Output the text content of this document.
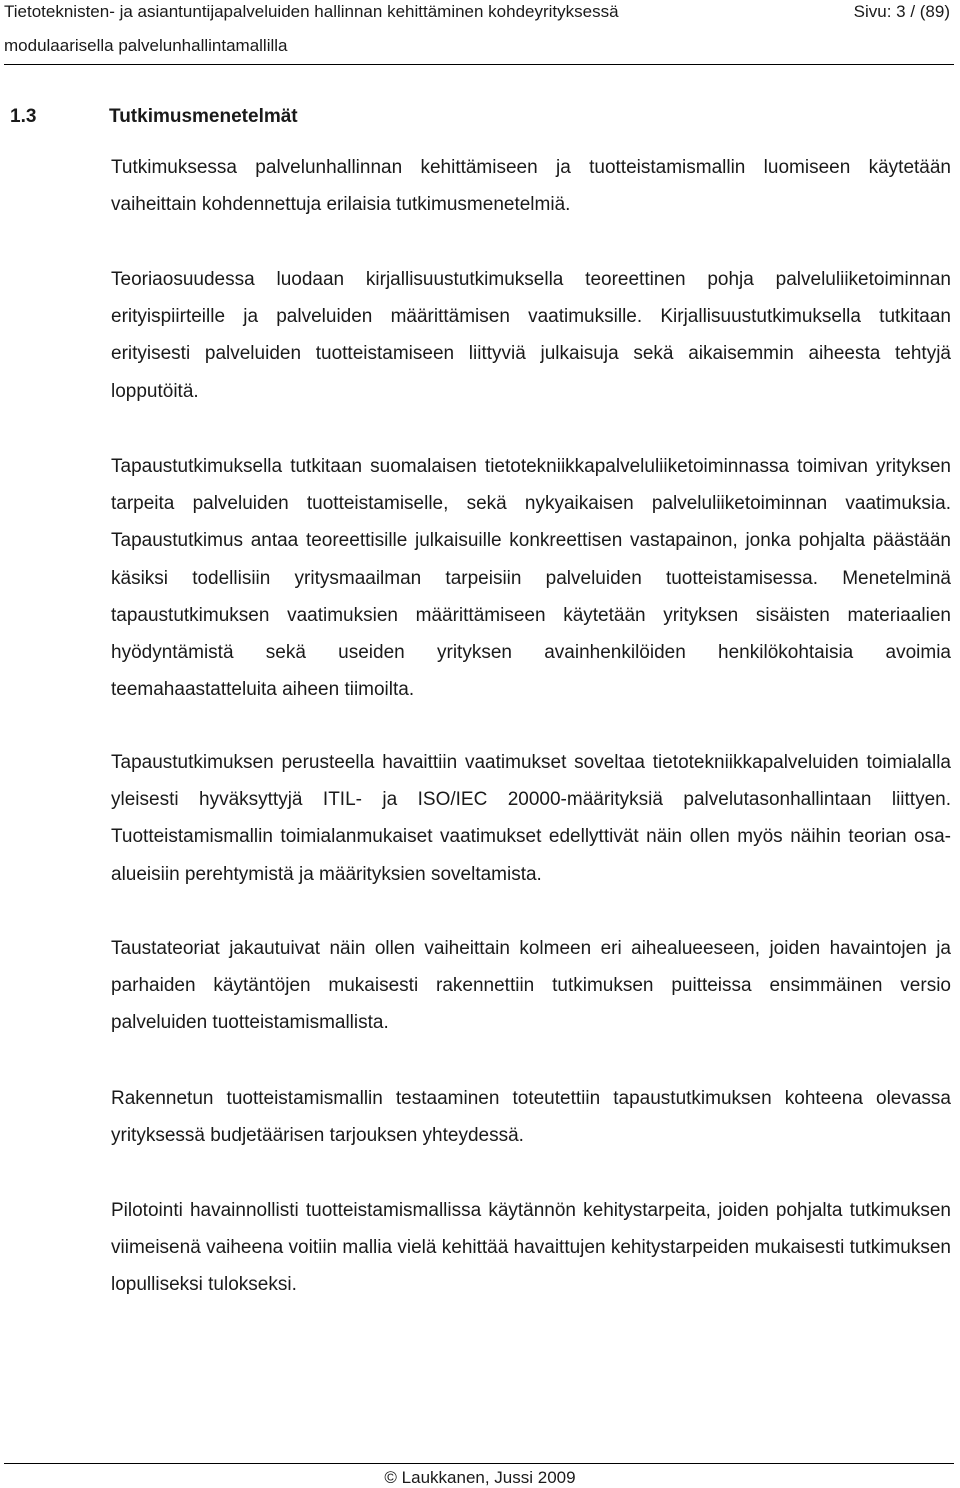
Tietoteknisten- ja asiantuntijapalveluiden hallinnan kehittäminen kohdeyrityksessä	Sivu: 3 / (89)
modulaarisella palvelunhallintamallilla
1.3	Tutkimusmenetelmät

Tutkimuksessa palvelunhallinnan kehittämiseen ja tuotteistamismallin luomiseen käytetään vaiheittain kohdennettuja erilaisia tutkimusmenetelmiä.

Teoriaosuudessa luodaan kirjallisuustutkimuksella teoreettinen pohja palveluliiketoiminnan erityispiirteille ja palveluiden määrittämisen vaatimuksille. Kirjallisuustutkimuksella tutkitaan erityisesti palveluiden tuotteistamiseen liittyviä julkaisuja sekä aikaisemmin aiheesta tehtyjä lopputöitä.

Tapaustutkimuksella tutkitaan suomalaisen tietotekniikkapalveluliiketoiminnassa toimivan yrityksen tarpeita palveluiden tuotteistamiselle, sekä nykyaikaisen palveluliiketoiminnan vaatimuksia. Tapaustutkimus antaa teoreettisille julkaisuille konkreettisen vastapainon, jonka pohjalta päästään käsiksi todellisiin yritysmaailman tarpeisiin palveluiden tuotteistamisessa. Menetelminä tapaustutkimuksen vaatimuksien määrittämiseen käytetään yrityksen sisäisten materiaalien hyödyntämistä sekä useiden yrityksen avainhenkilöiden henkilökohtaisia avoimia teemahaastatteluita aiheen tiimoilta.

Tapaustutkimuksen perusteella havaittiin vaatimukset soveltaa tietotekniikkapalveluiden toimialalla yleisesti hyväksyttyjä ITIL- ja ISO/IEC 20000-määrityksiä palvelutasonhallintaan liittyen. Tuotteistamismallin toimialanmukaiset vaatimukset edellyttivät näin ollen myös näihin teorian osa-alueisiin perehtymistä ja määrityksien soveltamista.

Taustateoriat jakautuivat näin ollen vaiheittain kolmeen eri aihealueeseen, joiden havaintojen ja parhaiden käytäntöjen mukaisesti rakennettiin tutkimuksen puitteissa ensimmäinen versio palveluiden tuotteistamismallista.

Rakennetun tuotteistamismallin testaaminen toteutettiin tapaustutkimuksen kohteena olevassa yrityksessä budjetäärisen tarjouksen yhteydessä.

Pilotointi havainnollisti tuotteistamismallissa käytännön kehitystarpeita, joiden pohjalta tutkimuksen viimeisenä vaiheena voitiin mallia vielä kehittää havaittujen kehitystarpeiden mukaisesti tutkimuksen lopulliseksi tulokseksi.

© Laukkanen, Jussi 2009
